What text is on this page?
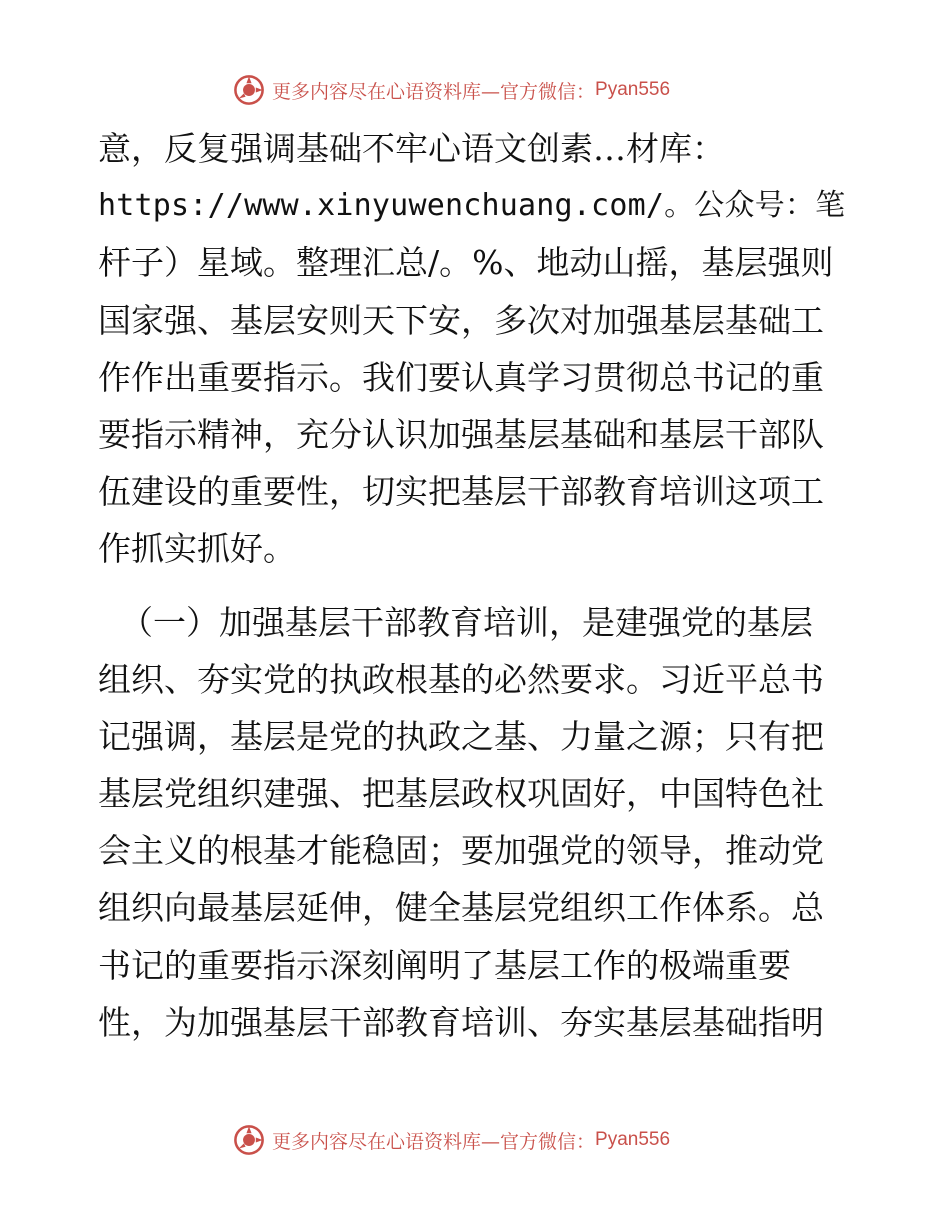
更多内容尽在心语资料库—官方微信： Pyan556
意，反复强调基础不牢心语文创素…材库：
https://www.xinyuwenchuang.com/。公众号：笔
杆子）星域。整理汇总/。%、地动山摇，基层强则
国家强、基层安则天下安，多次对加强基层基础工
作作出重要指示。我们要认真学习贯彻总书记的重
要指示精神，充分认识加强基层基础和基层干部队
伍建设的重要性，切实把基层干部教育培训这项工
作抓实抓好。
（一）加强基层干部教育培训，是建强党的基层
组织、夯实党的执政根基的必然要求。习近平总书
记强调，基层是党的执政之基、力量之源；只有把
基层党组织建强、把基层政权巩固好，中国特色社
会主义的根基才能稳固；要加强党的领导，推动党
组织向最基层延伸，健全基层党组织工作体系。总
书记的重要指示深刻阐明了基层工作的极端重要
性，为加强基层干部教育培训、夯实基层基础指明
更多内容尽在心语资料库—官方微信： Pyan556
